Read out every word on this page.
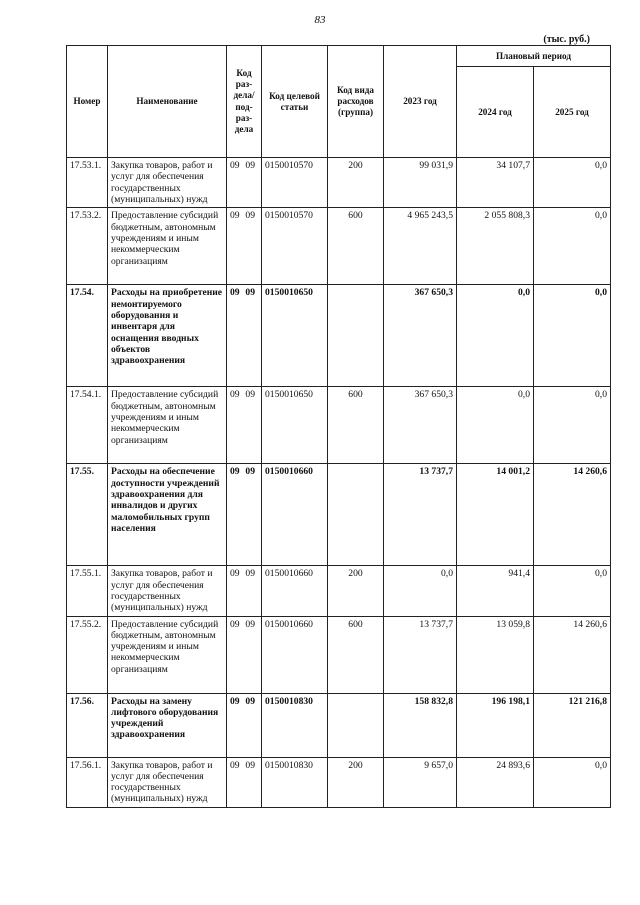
83
(тыс. руб.)
Номер	Наименование	Код раз-дела/ под-раз-дела	Код целевой статьи	Код вида расходов (группа)	2023 год	Плановый период	
						2024 год	2025 год
17.53.1.	Закупка товаров, работ и услуг для обеспечения государственных (муниципальных) нужд	09 09	0150010570	200	99 031,9	34 107,7	0,0
17.53.2.	Предоставление субсидий бюджетным, автономным учреждениям и иным некоммерческим организациям	09 09	0150010570	600	4 965 243,5	2 055 808,3	0,0
17.54.	Расходы на приобретение немонтируемого оборудования и инвентаря для оснащения вводных объектов здравоохранения	09 09	0150010650		367 650,3	0,0	0,0
17.54.1.	Предоставление субсидий бюджетным, автономным учреждениям и иным некоммерческим организациям	09 09	0150010650	600	367 650,3	0,0	0,0
17.55.	Расходы на обеспечение доступности учреждений здравоохранения для инвалидов и других маломобильных групп населения	09 09	0150010660		13 737,7	14 001,2	14 260,6
17.55.1.	Закупка товаров, работ и услуг для обеспечения государственных (муниципальных) нужд	09 09	0150010660	200	0,0	941,4	0,0
17.55.2.	Предоставление субсидий бюджетным, автономным учреждениям и иным некоммерческим организациям	09 09	0150010660	600	13 737,7	13 059,8	14 260,6
17.56.	Расходы на замену лифтового оборудования учреждений здравоохранения	09 09	0150010830		158 832,8	196 198,1	121 216,8
17.56.1.	Закупка товаров, работ и услуг для обеспечения государственных (муниципальных) нужд	09 09	0150010830	200	9 657,0	24 893,6	0,0
